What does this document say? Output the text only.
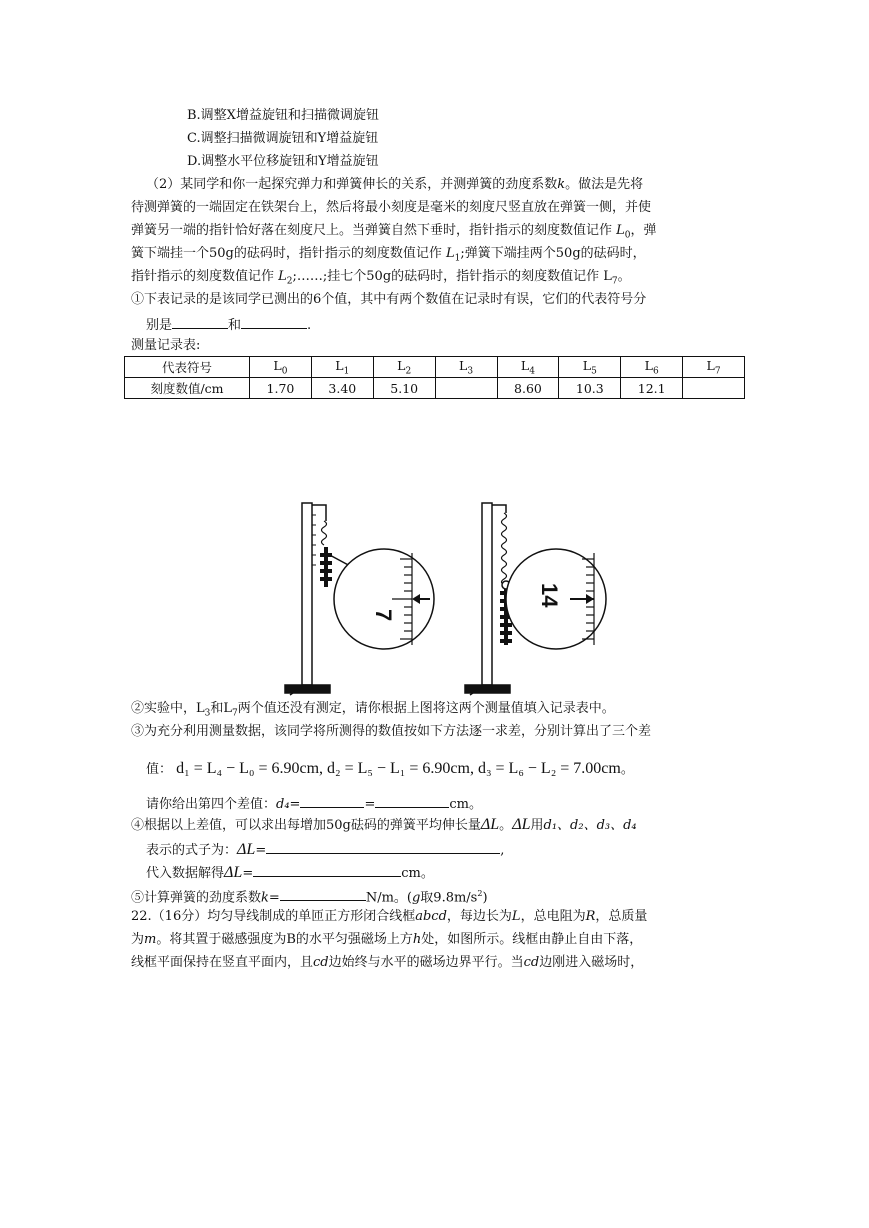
B.调整X增益旋钮和扫描微调旋钮
C.调整扫描微调旋钮和Y增益旋钮
D.调整水平位移旋钮和Y增益旋钮
（2）某同学和你一起探究弹力和弹簧伸长的关系，并测弹簧的劲度系数k。做法是先将
待测弹簧的一端固定在铁架台上，然后将最小刻度是毫米的刻度尺竖直放在弹簧一侧，并使
弹簧另一端的指针恰好落在刻度尺上。当弹簧自然下垂时，指针指示的刻度数值记作 $L_0$，弹
簧下端挂一个50g的砝码时，指针指示的刻度数值记作 $L_1$;弹簧下端挂两个50g的砝码时，
指针指示的刻度数值记作 $L_2;\dots\dots$;挂七个50g的砝码时，指针指示的刻度数值记作 $L_7$。
①下表记录的是该同学已测出的6个值，其中有两个数值在记录时有误，它们的代表符号分
别是	和	.
测量记录表:
代表符号	$L_0$	$L_1$	$L_2$	$L_3$	$L_4$	$L_5$	$L_6$	$L_7$
刻度数值/cm	1.70	3.40	5.10		8.60	10.3	12.1	
7
14
②实验中，$L_3$和$L_7$两个值还没有测定，请你根据上图将这两个测量值填入记录表中。
③为充分利用测量数据，该同学将所测得的数值按如下方法逐一求差，分别计算出了三个差
值： d₁ = L₄ − L₀ = 6.90cm, d₂ = L₅ − L₁ = 6.90cm, d₃ = L₆ − L₂ = 7.00cm。
请你给出第四个差值：d₄=	=	cm。
④根据以上差值，可以求出每增加50g砝码的弹簧平均伸长量ΔL。ΔL用d₁、d₂、d₃、d₄
表示的式子为：ΔL=	,
代入数据解得ΔL=	cm。
⑤计算弹簧的劲度系数k=	N/m。(g取$9.8m/s^2$)
22.（16分）均匀导线制成的单匝正方形闭合线框abcd，每边长为L，总电阻为R，总质量
为m。将其置于磁感强度为B的水平匀强磁场上方h处，如图所示。线框由静止自由下落，
线框平面保持在竖直平面内，且cd边始终与水平的磁场边界平行。当cd边刚进入磁场时，
